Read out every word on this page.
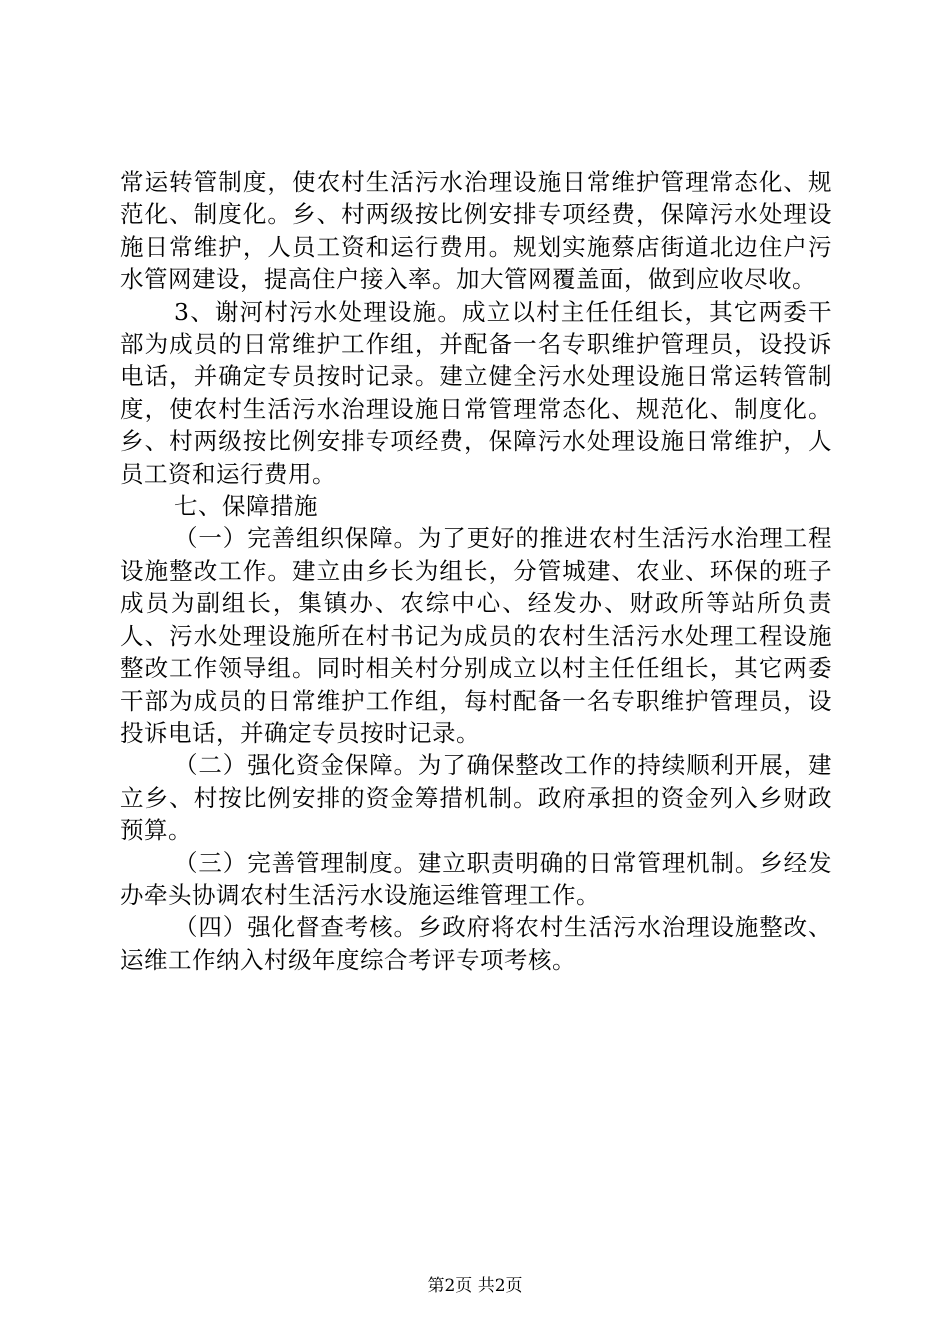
常运转管制度，使农村生活污水治理设施日常维护管理常态化、规范化、制度化。乡、村两级按比例安排专项经费，保障污水处理设施日常维护，人员工资和运行费用。规划实施蔡店街道北边住户污水管网建设，提高住户接入率。加大管网覆盖面，做到应收尽收。

3、谢河村污水处理设施。成立以村主任任组长，其它两委干部为成员的日常维护工作组，并配备一名专职维护管理员，设投诉电话，并确定专员按时记录。建立健全污水处理设施日常运转管制度，使农村生活污水治理设施日常管理常态化、规范化、制度化。乡、村两级按比例安排专项经费，保障污水处理设施日常维护，人员工资和运行费用。

七、保障措施

（一）完善组织保障。为了更好的推进农村生活污水治理工程设施整改工作。建立由乡长为组长，分管城建、农业、环保的班子成员为副组长，集镇办、农综中心、经发办、财政所等站所负责人、污水处理设施所在村书记为成员的农村生活污水处理工程设施整改工作领导组。同时相关村分别成立以村主任任组长，其它两委干部为成员的日常维护工作组，每村配备一名专职维护管理员，设投诉电话，并确定专员按时记录。

（二）强化资金保障。为了确保整改工作的持续顺利开展，建立乡、村按比例安排的资金筹措机制。政府承担的资金列入乡财政预算。

（三）完善管理制度。建立职责明确的日常管理机制。乡经发办牵头协调农村生活污水设施运维管理工作。

（四）强化督查考核。乡政府将农村生活污水治理设施整改、运维工作纳入村级年度综合考评专项考核。

第2页 共2页
